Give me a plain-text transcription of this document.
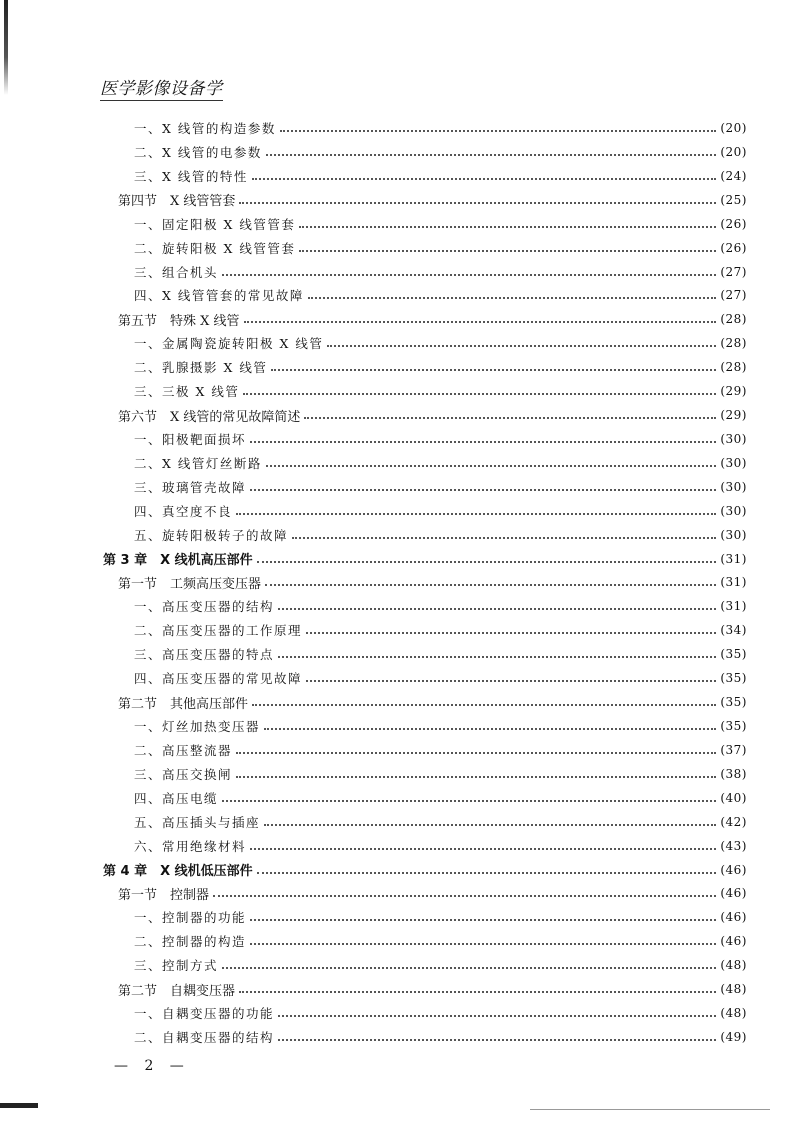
医学影像设备学
一、X 线管的构造参数	(20)
二、X 线管的电参数	(20)
三、X 线管的特性	(24)
第四节　X 线管管套	(25)
一、固定阳极 X 线管管套	(26)
二、旋转阳极 X 线管管套	(26)
三、组合机头	(27)
四、X 线管管套的常见故障	(27)
第五节　特殊 X 线管	(28)
一、金属陶瓷旋转阳极 X 线管	(28)
二、乳腺摄影 X 线管	(28)
三、三极 X 线管	(29)
第六节　X 线管的常见故障简述	(29)
一、阳极靶面损坏	(30)
二、X 线管灯丝断路	(30)
三、玻璃管壳故障	(30)
四、真空度不良	(30)
五、旋转阳极转子的故障	(30)
第 3 章　X 线机高压部件	(31)
第一节　工频高压变压器	(31)
一、高压变压器的结构	(31)
二、高压变压器的工作原理	(34)
三、高压变压器的特点	(35)
四、高压变压器的常见故障	(35)
第二节　其他高压部件	(35)
一、灯丝加热变压器	(35)
二、高压整流器	(37)
三、高压交换闸	(38)
四、高压电缆	(40)
五、高压插头与插座	(42)
六、常用绝缘材料	(43)
第 4 章　X 线机低压部件	(46)
第一节　控制器	(46)
一、控制器的功能	(46)
二、控制器的构造	(46)
三、控制方式	(48)
第二节　自耦变压器	(48)
一、自耦变压器的功能	(48)
二、自耦变压器的结构	(49)
— 2 —
